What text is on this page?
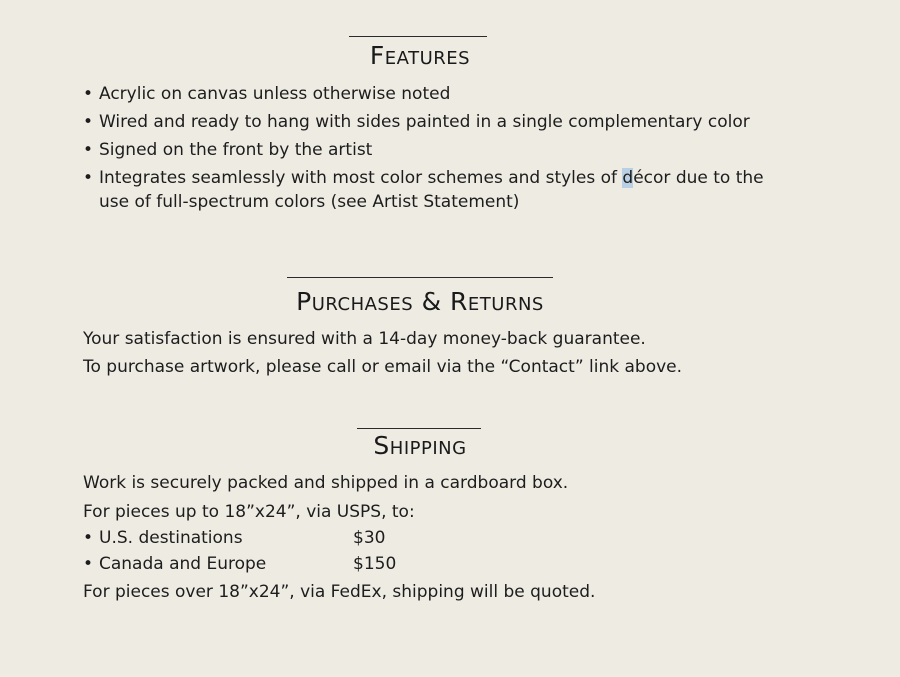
Features
• Acrylic on canvas unless otherwise noted
• Wired and ready to hang with sides painted in a single complementary color
• Signed on the front by the artist
• Integrates seamlessly with most color schemes and styles of décor due to the use of full-spectrum colors (see Artist Statement)
Purchases & Returns
Your satisfaction is ensured with a 14-day money-back guarantee.
To purchase artwork, please call or email via the “Contact” link above.
Shipping
Work is securely packed and shipped in a cardboard box.
For pieces up to 18”x24”, via USPS, to:
• U.S. destinations	$30
• Canada and Europe	$150
For pieces over 18”x24”, via FedEx, shipping will be quoted.
